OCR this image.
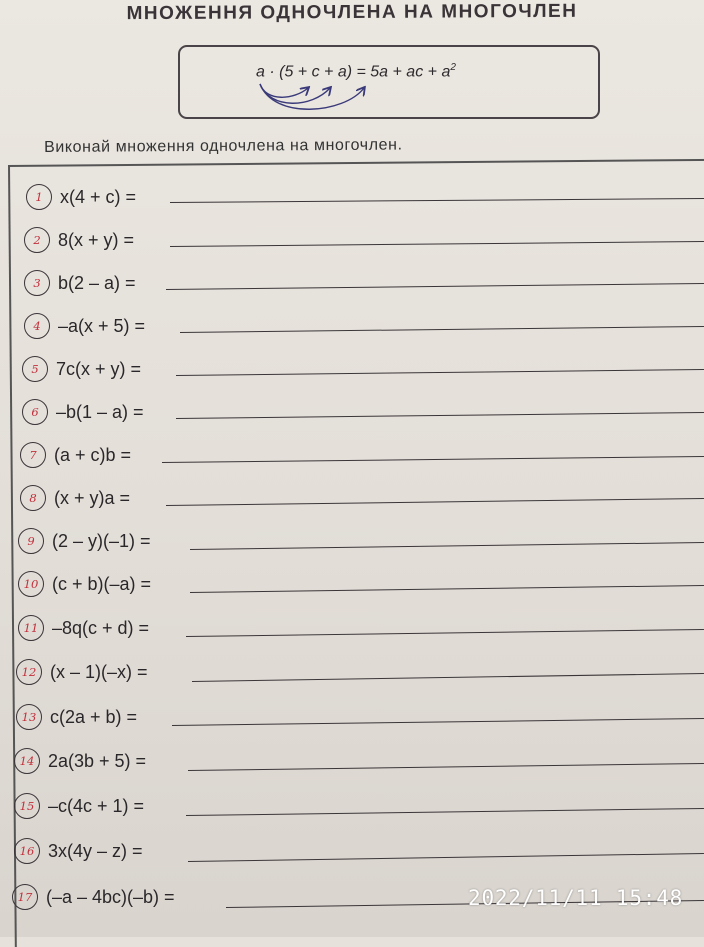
МНОЖЕННЯ ОДНОЧЛЕНА НА МНОГОЧЛЕН
a · (5 + c + a) = 5a + ac + $a^2$
Виконай множення одночлена на многочлен.
1 x(4 + c) =
2 8(x + y) =
3 b(2 – a) =
4 –a(x + 5) =
5 7c(x + y) =
6 –b(1 – a) =
7 (a + c)b =
8 (x + y)a =
9 (2 – y)(–1) =
10 (c + b)(–a) =
11 –8q(c + d) =
12 (x – 1)(–x) =
13 c(2a + b) =
14 2a(3b + 5) =
15 –c(4c + 1) =
16 3x(4y – z) =
17 (–a – 4bc)(–b) =	2022/11/11 15:48
